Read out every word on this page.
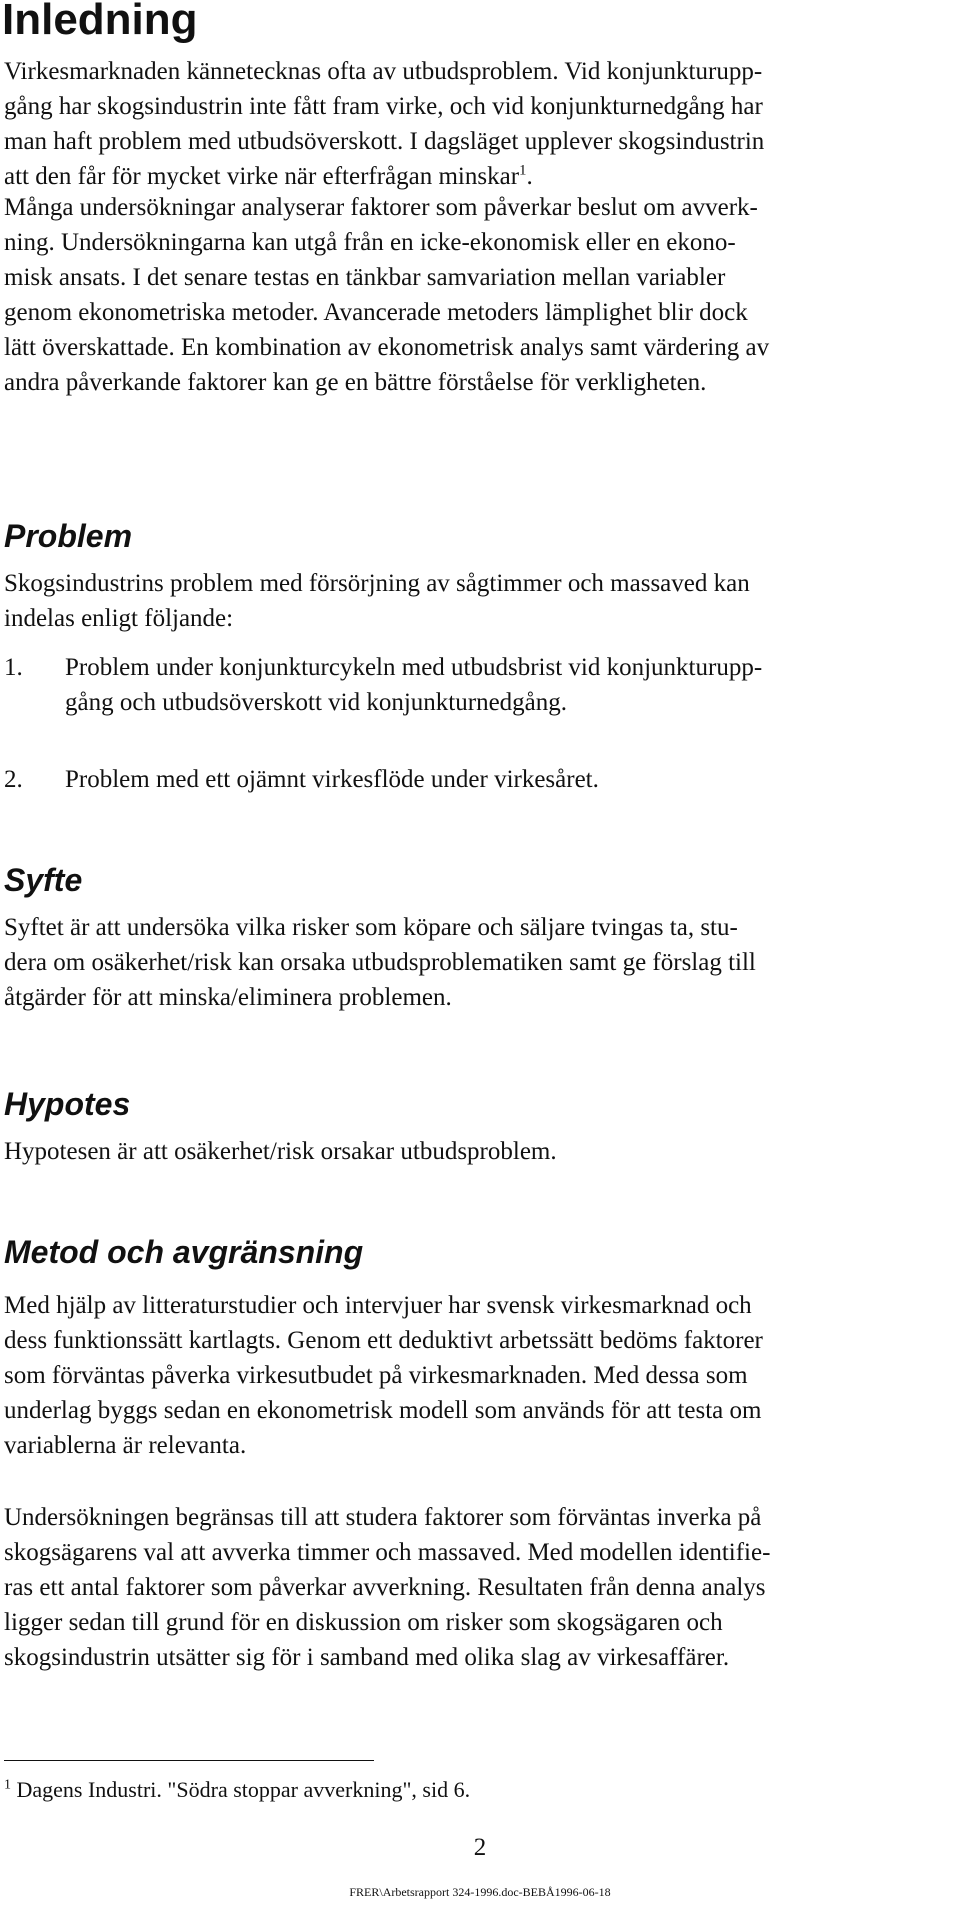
Inledning
Virkesmarknaden kännetecknas ofta av utbudsproblem. Vid konjunkturupp-
gång har skogsindustrin inte fått fram virke, och vid konjunkturnedgång har
man haft problem med utbudsöverskott. I dagsläget upplever skogsindustrin
att den får för mycket virke när efterfrågan minskar$^1$.
Många undersökningar analyserar faktorer som påverkar beslut om avverk-
ning. Undersökningarna kan utgå från en icke-ekonomisk eller en ekono-
misk ansats. I det senare testas en tänkbar samvariation mellan variabler
genom ekonometriska metoder. Avancerade metoders lämplighet blir dock
lätt överskattade. En kombination av ekonometrisk analys samt värdering av
andra påverkande faktorer kan ge en bättre förståelse för verkligheten.
Problem
Skogsindustrins problem med försörjning av sågtimmer och massaved kan
indelas enligt följande:
1. Problem under konjunkturcykeln med utbudsbrist vid konjunkturupp-
gång och utbudsöverskott vid konjunkturnedgång.
2. Problem med ett ojämnt virkesflöde under virkesåret.
Syfte
Syftet är att undersöka vilka risker som köpare och säljare tvingas ta, stu-
dera om osäkerhet/risk kan orsaka utbudsproblematiken samt ge förslag till
åtgärder för att minska/eliminera problemen.
Hypotes
Hypotesen är att osäkerhet/risk orsakar utbudsproblem.
Metod och avgränsning
Med hjälp av litteraturstudier och intervjuer har svensk virkesmarknad och
dess funktionssätt kartlagts. Genom ett deduktivt arbetssätt bedöms faktorer
som förväntas påverka virkesutbudet på virkesmarknaden. Med dessa som
underlag byggs sedan en ekonometrisk modell som används för att testa om
variablerna är relevanta.
Undersökningen begränsas till att studera faktorer som förväntas inverka på
skogsägarens val att avverka timmer och massaved. Med modellen identifie-
ras ett antal faktorer som påverkar avverkning. Resultaten från denna analys
ligger sedan till grund för en diskussion om risker som skogsägaren och
skogsindustrin utsätter sig för i samband med olika slag av virkesaffärer.
$^1$ Dagens Industri. "Södra stoppar avverkning", sid 6.
2
FRER\Arbetsrapport 324-1996.doc-BEBÅ1996-06-18
